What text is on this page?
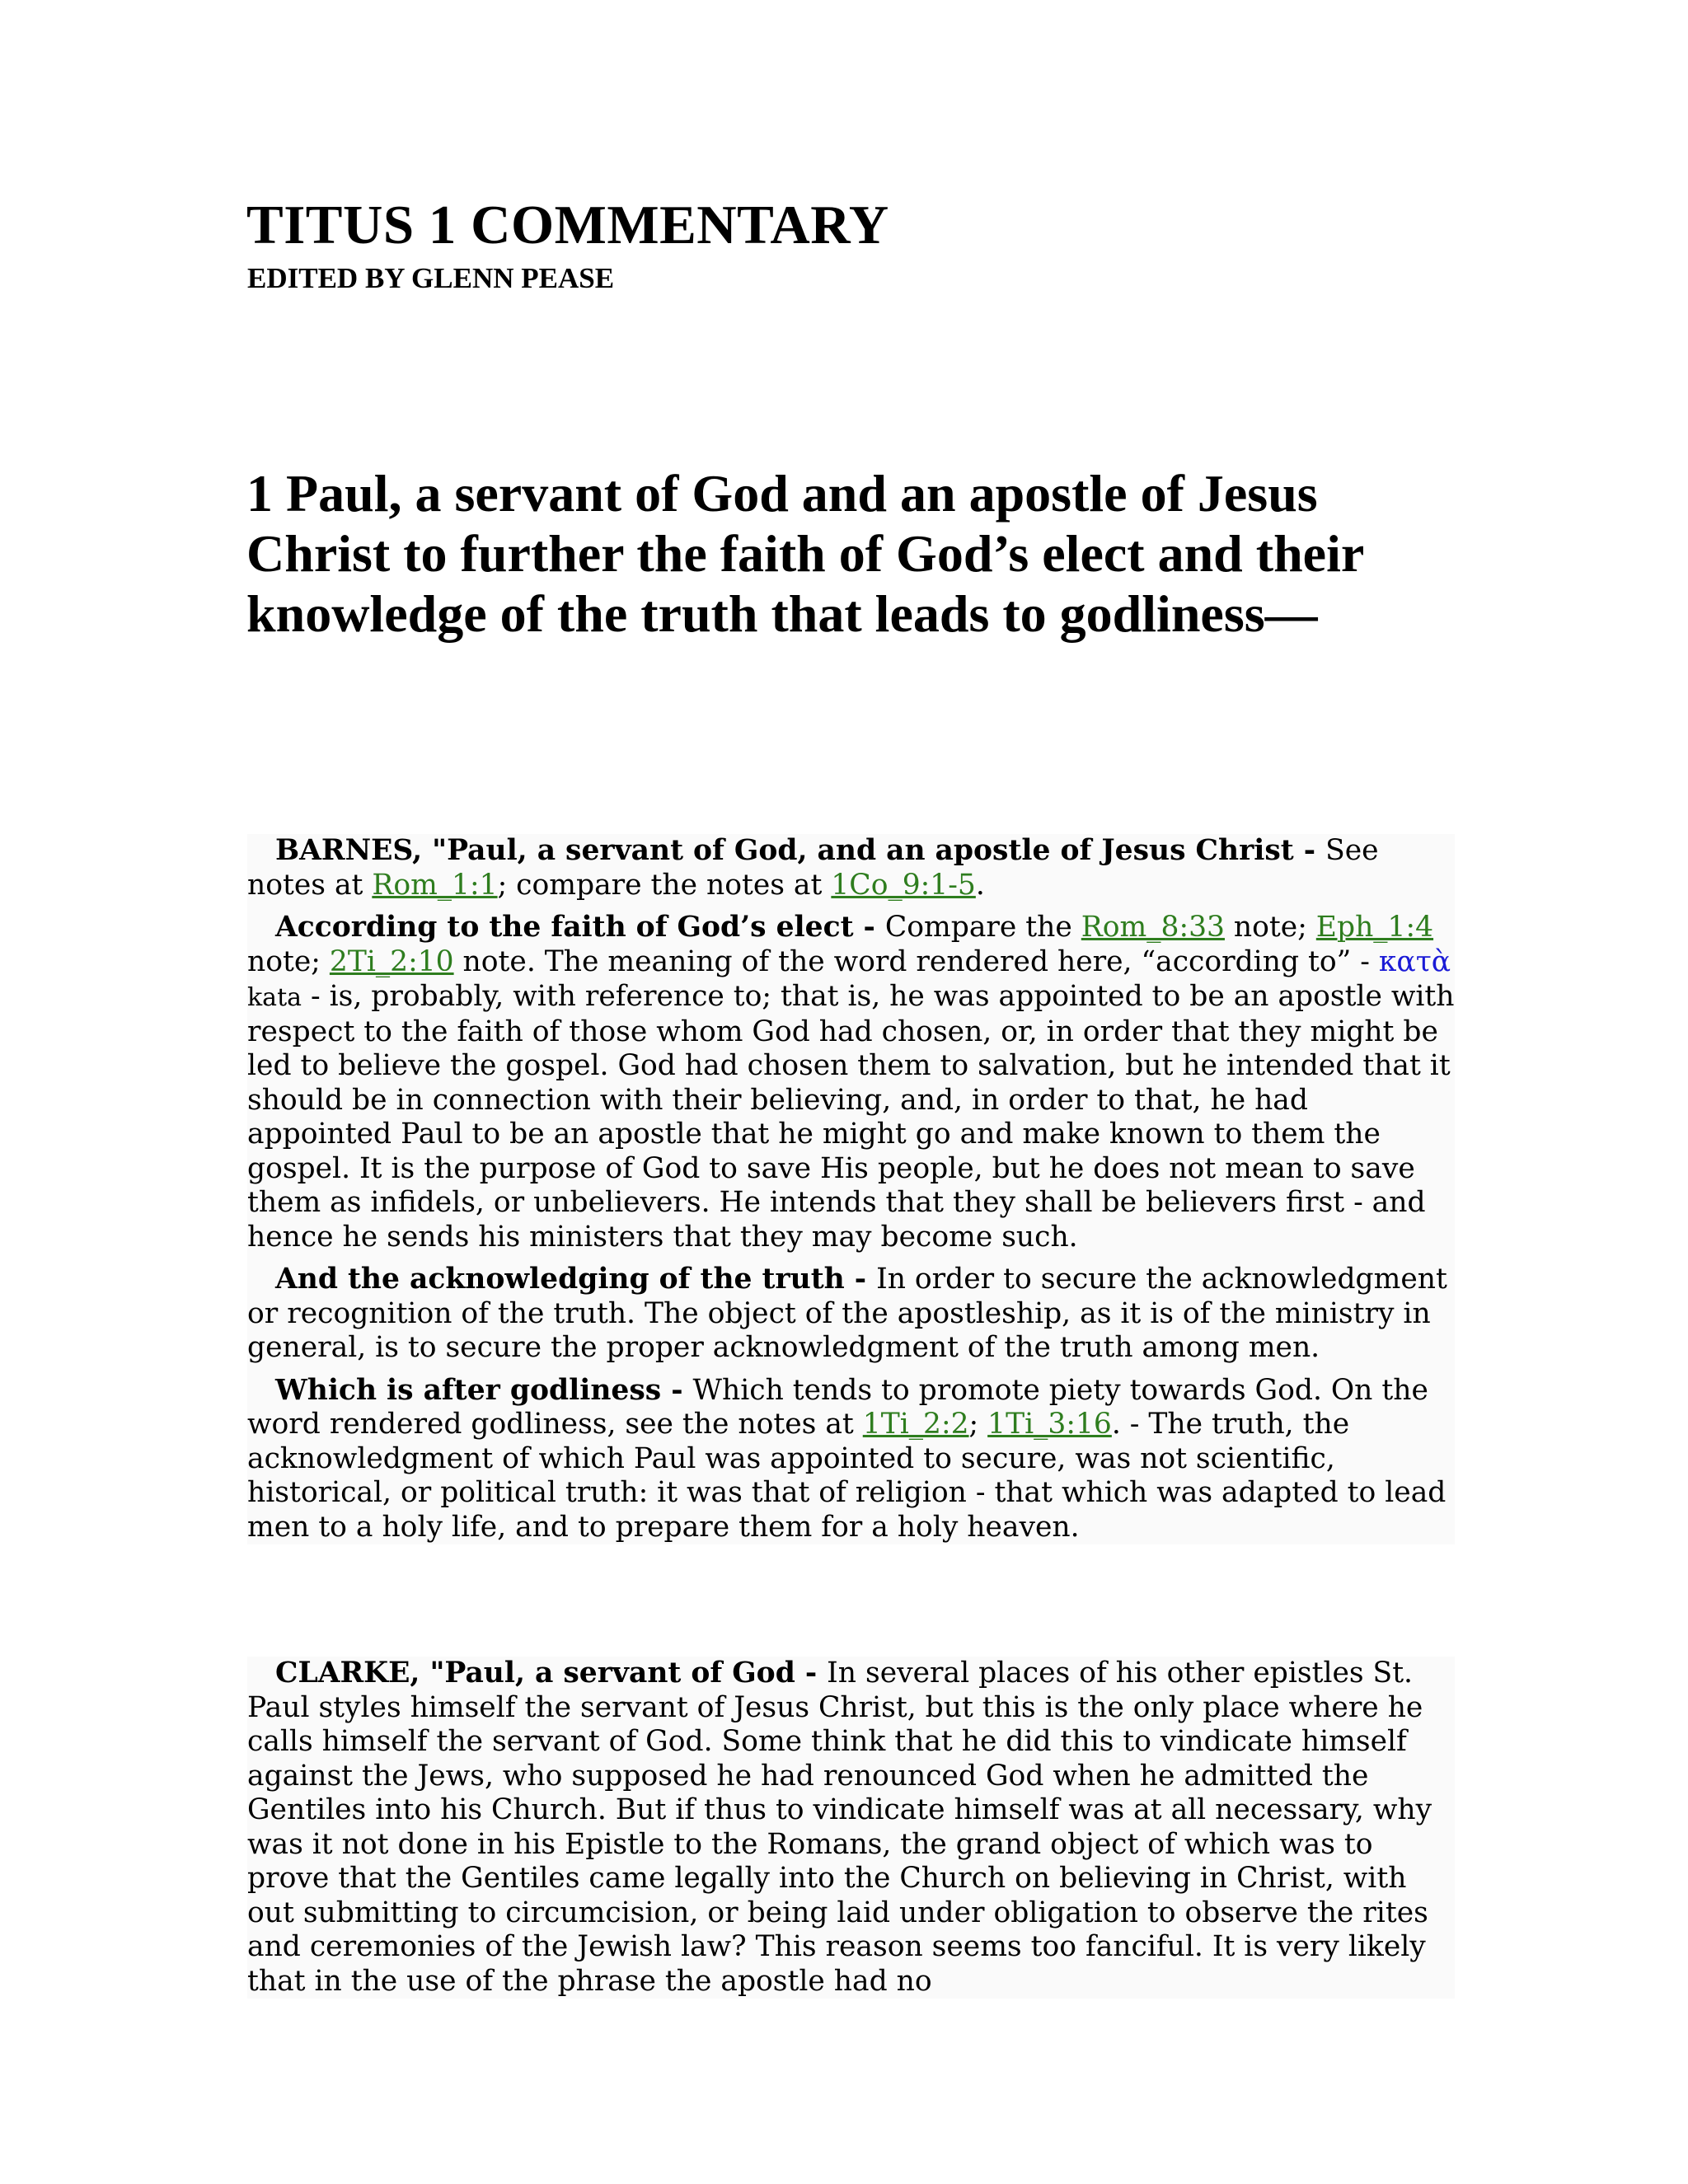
TITUS 1 COMMENTARY
EDITED BY GLENN PEASE
1 Paul, a servant of God and an apostle of Jesus Christ to further the faith of God’s elect and their knowledge of the truth that leads to godliness—

BARNES, "Paul, a servant of God, and an apostle of Jesus Christ - See notes at Rom_1:1; compare the notes at 1Co_9:1-5.

According to the faith of God’s elect - Compare the Rom_8:33 note; Eph_1:4 note; 2Ti_2:10 note. The meaning of the word rendered here, “according to” - κατὰ kata - is, probably, with reference to; that is, he was appointed to be an apostle with respect to the faith of those whom God had chosen, or, in order that they might be led to believe the gospel. God had chosen them to salvation, but he intended that it should be in connection with their believing, and, in order to that, he had appointed Paul to be an apostle that he might go and make known to them the gospel. It is the purpose of God to save His people, but he does not mean to save them as infidels, or unbelievers. He intends that they shall be believers first - and hence he sends his ministers that they may become such.

And the acknowledging of the truth - In order to secure the acknowledgment or recognition of the truth. The object of the apostleship, as it is of the ministry in general, is to secure the proper acknowledgment of the truth among men.

Which is after godliness - Which tends to promote piety towards God. On the word rendered godliness, see the notes at 1Ti_2:2; 1Ti_3:16. - The truth, the acknowledgment of which Paul was appointed to secure, was not scientific, historical, or political truth: it was that of religion - that which was adapted to lead men to a holy life, and to prepare them for a holy heaven.

CLARKE, "Paul, a servant of God - In several places of his other epistles St. Paul styles himself the servant of Jesus Christ, but this is the only place where he calls himself the servant of God. Some think that he did this to vindicate himself against the Jews, who supposed he had renounced God when he admitted the Gentiles into his Church. But if thus to vindicate himself was at all necessary, why was it not done in his Epistle to the Romans, the grand object of which was to prove that the Gentiles came legally into the Church on believing in Christ, with out submitting to circumcision, or being laid under obligation to observe the rites and ceremonies of the Jewish law? This reason seems too fanciful. It is very likely that in the use of the phrase the apostle had no
